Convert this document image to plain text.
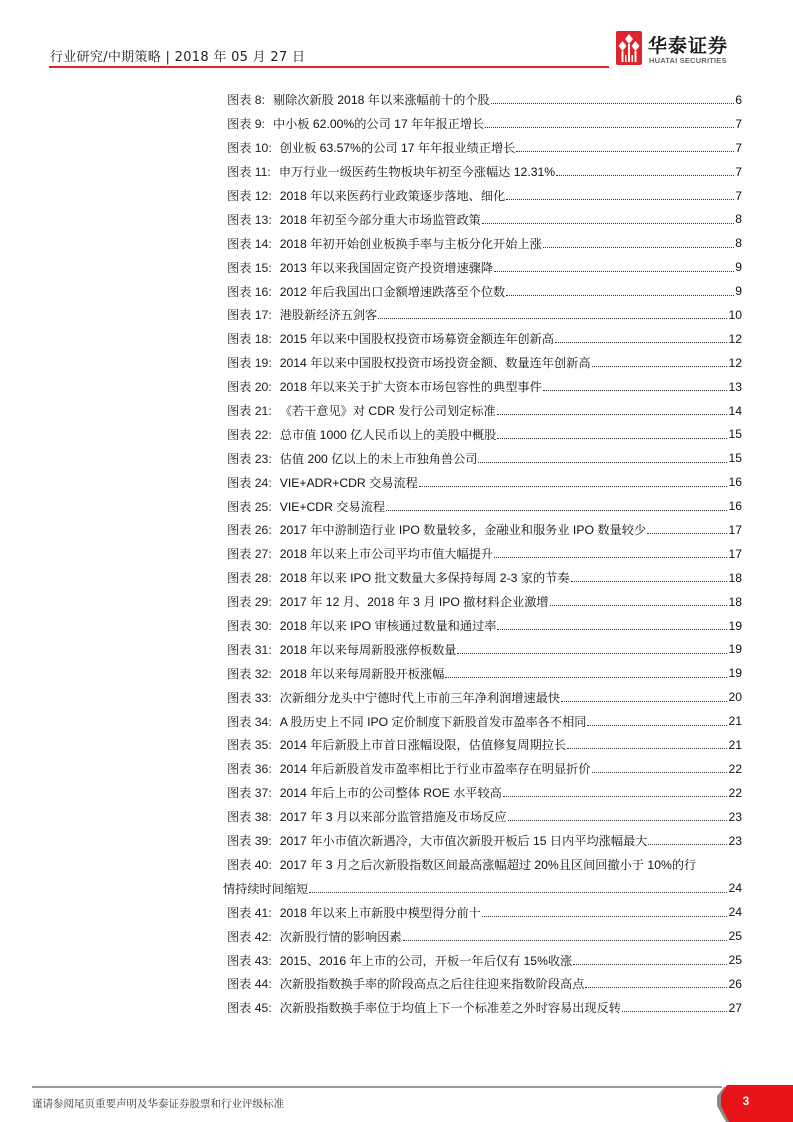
行业研究/中期策略 | 2018 年 05 月 27 日
华泰证券
HUATAI SECURITIES
图表 8: 剔除次新股 2018 年以来涨幅前十的个股	6
图表 9: 中小板 62.00%的公司 17 年年报正增长	7
图表 10: 创业板 63.57%的公司 17 年年报业绩正增长	7
图表 11: 申万行业一级医药生物板块年初至今涨幅达 12.31%	7
图表 12: 2018 年以来医药行业政策逐步落地、细化	7
图表 13: 2018 年初至今部分重大市场监管政策	8
图表 14: 2018 年初开始创业板换手率与主板分化开始上涨	8
图表 15: 2013 年以来我国固定资产投资增速骤降	9
图表 16: 2012 年后我国出口金额增速跌落至个位数	9
图表 17: 港股新经济五剑客	10
图表 18: 2015 年以来中国股权投资市场募资金额连年创新高	12
图表 19: 2014 年以来中国股权投资市场投资金额、数量连年创新高	12
图表 20: 2018 年以来关于扩大资本市场包容性的典型事件	13
图表 21: 《若干意见》对 CDR 发行公司划定标准	14
图表 22: 总市值 1000 亿人民币以上的美股中概股	15
图表 23: 估值 200 亿以上的未上市独角兽公司	15
图表 24: VIE+ADR+CDR 交易流程	16
图表 25: VIE+CDR 交易流程	16
图表 26: 2017 年中游制造行业 IPO 数量较多，金融业和服务业 IPO 数量较少	17
图表 27: 2018 年以来上市公司平均市值大幅提升	17
图表 28: 2018 年以来 IPO 批文数量大多保持每周 2-3 家的节奏	18
图表 29: 2017 年 12 月、2018 年 3 月 IPO 撤材料企业激增	18
图表 30: 2018 年以来 IPO 审核通过数量和通过率	19
图表 31: 2018 年以来每周新股涨停板数量	19
图表 32: 2018 年以来每周新股开板涨幅	19
图表 33: 次新细分龙头中宁德时代上市前三年净利润增速最快	20
图表 34: A 股历史上不同 IPO 定价制度下新股首发市盈率各不相同	21
图表 35: 2014 年后新股上市首日涨幅设限，估值修复周期拉长	21
图表 36: 2014 年后新股首发市盈率相比于行业市盈率存在明显折价	22
图表 37: 2014 年后上市的公司整体 ROE 水平较高	22
图表 38: 2017 年 3 月以来部分监管措施及市场反应	23
图表 39: 2017 年小市值次新遇冷，大市值次新股开板后 15 日内平均涨幅最大	23
图表 40: 2017 年 3 月之后次新股指数区间最高涨幅超过 20%且区间回撤小于 10%的行
情持续时间缩短	24
图表 41: 2018 年以来上市新股中模型得分前十	24
图表 42: 次新股行情的影响因素	25
图表 43: 2015、2016 年上市的公司，开板一年后仅有 15%收涨	25
图表 44: 次新股指数换手率的阶段高点之后往往迎来指数阶段高点	26
图表 45: 次新股指数换手率位于均值上下一个标准差之外时容易出现反转	27
谨请参阅尾页重要声明及华泰证券股票和行业评级标准	3
